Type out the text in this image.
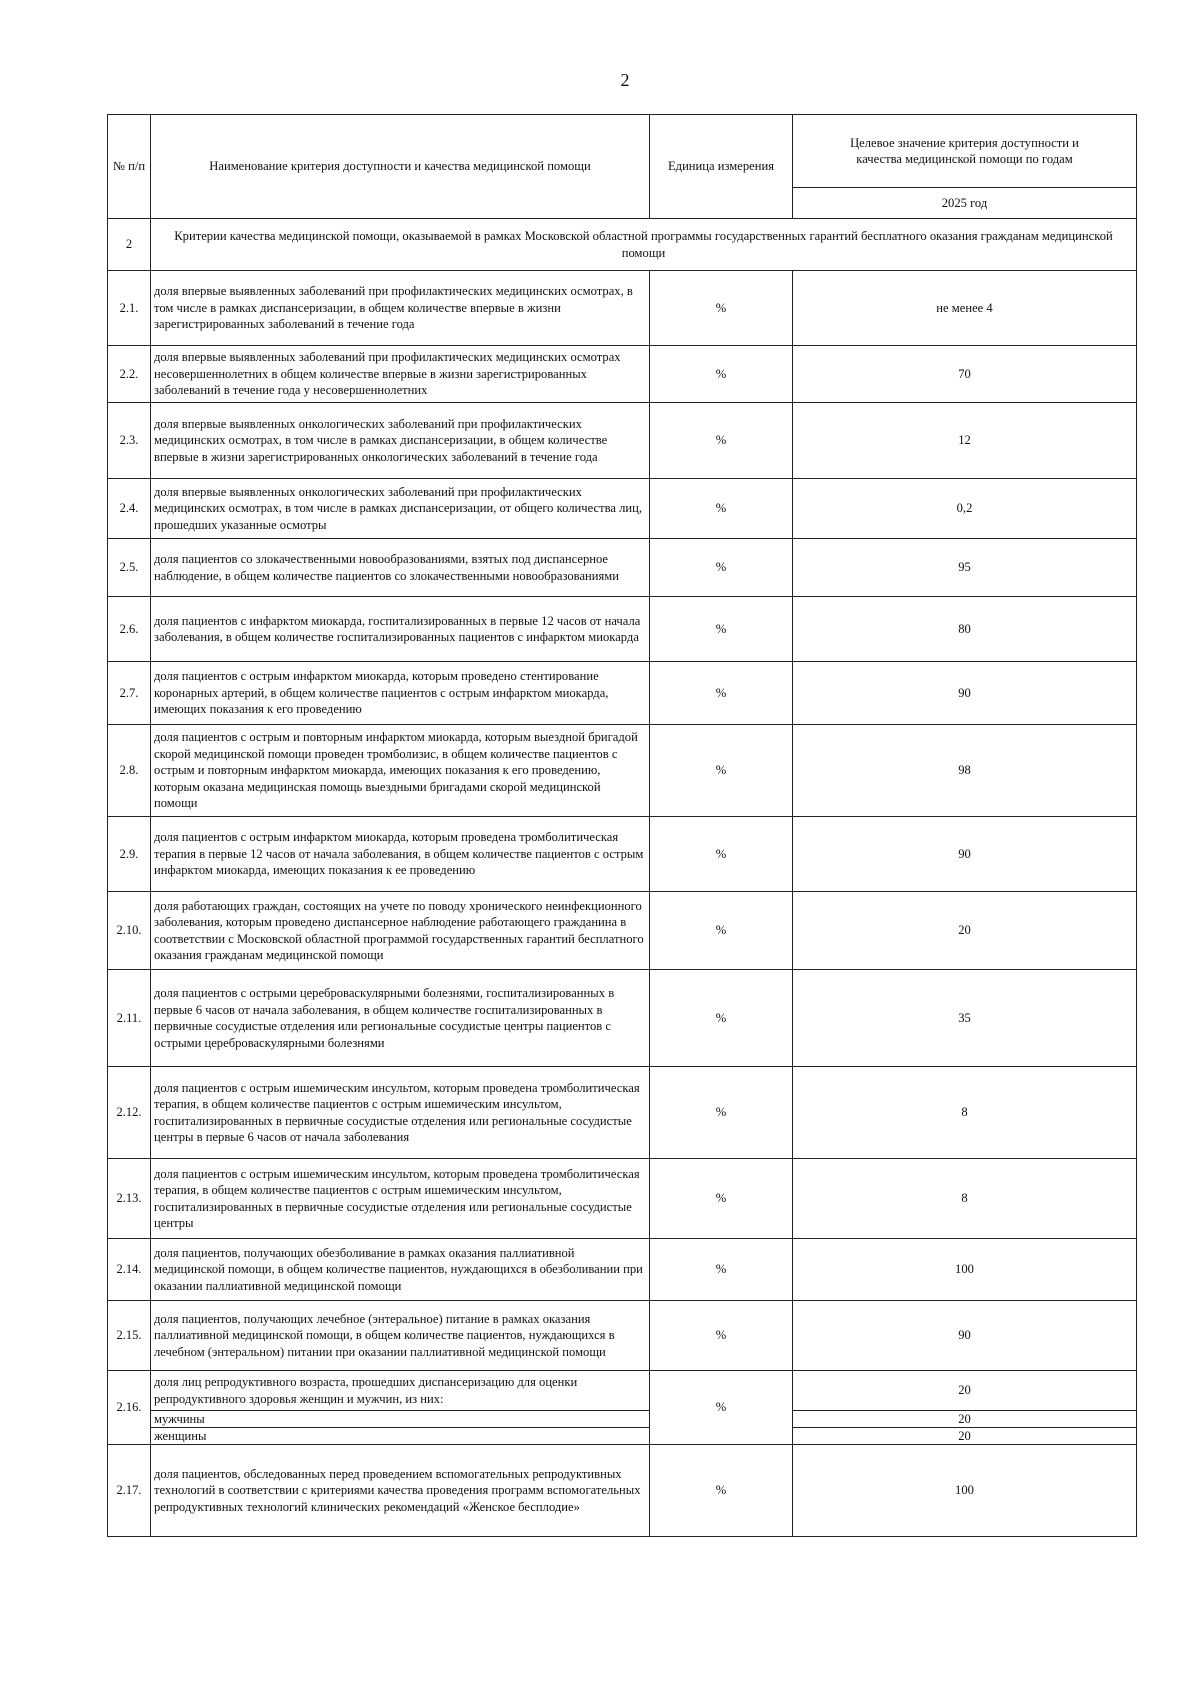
2
№ п/п	Наименование критерия доступности и качества медицинской помощи	Единица измерения	Целевое значение критерия доступности и качества медицинской помощи по годам
			2025 год
2	Критерии качества медицинской помощи, оказываемой в рамках Московской областной программы государственных гарантий бесплатного оказания гражданам медицинской помощи		
2.1.	доля впервые выявленных заболеваний при профилактических медицинских осмотрах, в том числе в рамках диспансеризации, в общем количестве впервые в жизни зарегистрированных заболеваний в течение года	%	не менее 4
2.2.	доля впервые выявленных заболеваний при профилактических медицинских осмотрах несовершеннолетних в общем количестве впервые в жизни зарегистрированных заболеваний в течение года у несовершеннолетних	%	70
2.3.	доля впервые выявленных онкологических заболеваний при профилактических медицинских осмотрах, в том числе в рамках диспансеризации, в общем количестве впервые в жизни зарегистрированных онкологических заболеваний в течение года	%	12
2.4.	доля впервые выявленных онкологических заболеваний при профилактических медицинских осмотрах, в том числе в рамках диспансеризации, от общего количества лиц, прошедших указанные осмотры	%	0,2
2.5.	доля пациентов со злокачественными новообразованиями, взятых под диспансерное наблюдение, в общем количестве пациентов со злокачественными новообразованиями	%	95
2.6.	доля пациентов с инфарктом миокарда, госпитализированных в первые 12 часов от начала заболевания, в общем количестве госпитализированных пациентов с инфарктом миокарда	%	80
2.7.	доля пациентов с острым инфарктом миокарда, которым проведено стентирование коронарных артерий, в общем количестве пациентов с острым инфарктом миокарда, имеющих показания к его проведению	%	90
2.8.	доля пациентов с острым и повторным инфарктом миокарда, которым выездной бригадой скорой медицинской помощи проведен тромболизис, в общем количестве пациентов с острым и повторным инфарктом миокарда, имеющих показания к его проведению, которым оказана медицинская помощь выездными бригадами скорой медицинской помощи	%	98
2.9.	доля пациентов с острым инфарктом миокарда, которым проведена тромболитическая терапия в первые 12 часов от начала заболевания, в общем количестве пациентов с острым инфарктом миокарда, имеющих показания к ее проведению	%	90
2.10.	доля работающих граждан, состоящих на учете по поводу хронического неинфекционного заболевания, которым проведено диспансерное наблюдение работающего гражданина в соответствии с Московской областной программой государственных гарантий бесплатного оказания гражданам медицинской помощи	%	20
2.11.	доля пациентов с острыми цереброваскулярными болезнями, госпитализированных в первые 6 часов от начала заболевания, в общем количестве госпитализированных в первичные сосудистые отделения или региональные сосудистые центры пациентов с острыми цереброваскулярными болезнями	%	35
2.12.	доля пациентов с острым ишемическим инсультом, которым проведена тромболитическая терапия, в общем количестве пациентов с острым ишемическим инсультом, госпитализированных в первичные сосудистые отделения или региональные сосудистые центры в первые 6 часов от начала заболевания	%	8
2.13.	доля пациентов с острым ишемическим инсультом, которым проведена тромболитическая терапия, в общем количестве пациентов с острым ишемическим инсультом, госпитализированных в первичные сосудистые отделения или региональные сосудистые центры	%	8
2.14.	доля пациентов, получающих обезболивание в рамках оказания паллиативной медицинской помощи, в общем количестве пациентов, нуждающихся в обезболивании при оказании паллиативной медицинской помощи	%	100
2.15.	доля пациентов, получающих лечебное (энтеральное) питание в рамках оказания паллиативной медицинской помощи, в общем количестве пациентов, нуждающихся в лечебном (энтеральном) питании при оказании паллиативной медицинской помощи	%	90
2.16.	доля лиц репродуктивного возраста, прошедших диспансеризацию для оценки репродуктивного здоровья женщин и мужчин, из них:	%	20
	мужчины		20
	женщины		20
2.17.	доля пациентов, обследованных перед проведением вспомогательных репродуктивных технологий в соответствии с критериями качества проведения программ вспомогательных репродуктивных технологий клинических рекомендаций «Женское бесплодие»	%	100
